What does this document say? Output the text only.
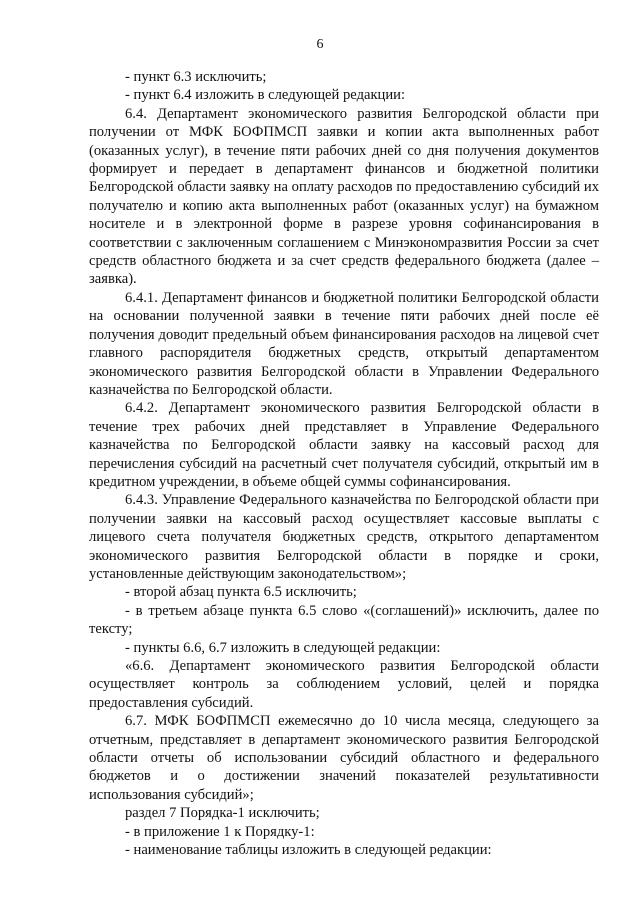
6

- пункт 6.3 исключить;

- пункт 6.4 изложить в следующей редакции:

6.4. Департамент экономического развития Белгородской области при получении от МФК БОФПМСП заявки и копии акта выполненных работ (оказанных услуг), в течение пяти рабочих дней со дня получения документов формирует и передает в департамент финансов и бюджетной политики Белгородской области заявку на оплату расходов по предоставлению субсидий их получателю и копию акта выполненных работ (оказанных услуг) на бумажном носителе и в электронной форме в разрезе уровня софинансирования в соответствии с заключенным соглашением с Минэкономразвития России за счет средств областного бюджета и за счет средств федерального бюджета (далее – заявка).

6.4.1. Департамент финансов и бюджетной политики Белгородской области на основании полученной заявки в течение пяти рабочих дней после её получения доводит предельный объем финансирования расходов на лицевой счет главного распорядителя бюджетных средств, открытый департаментом экономического развития Белгородской области в Управлении Федерального казначейства по Белгородской области.

6.4.2. Департамент экономического развития Белгородской области в течение трех рабочих дней представляет в Управление Федерального казначейства по Белгородской области заявку на кассовый расход для перечисления субсидий на расчетный счет получателя субсидий, открытый им в кредитном учреждении, в объеме общей суммы софинансирования.

6.4.3. Управление Федерального казначейства по Белгородской области при получении заявки на кассовый расход осуществляет кассовые выплаты с лицевого счета получателя бюджетных средств, открытого департаментом экономического развития Белгородской области в порядке и сроки, установленные действующим законодательством»;

- второй абзац пункта 6.5 исключить;

- в третьем абзаце пункта 6.5 слово «(соглашений)» исключить, далее по тексту;

- пункты 6.6, 6.7 изложить в следующей редакции:

«6.6. Департамент экономического развития Белгородской области осуществляет контроль за соблюдением условий, целей и порядка предоставления субсидий.

6.7. МФК БОФПМСП ежемесячно до 10 числа месяца, следующего за отчетным, представляет в департамент экономического развития Белгородской области отчеты об использовании субсидий областного и федерального бюджетов и о достижении значений показателей результативности использования субсидий»;

раздел 7 Порядка-1 исключить;

- в приложение 1 к Порядку-1:

- наименование таблицы изложить в следующей редакции:
